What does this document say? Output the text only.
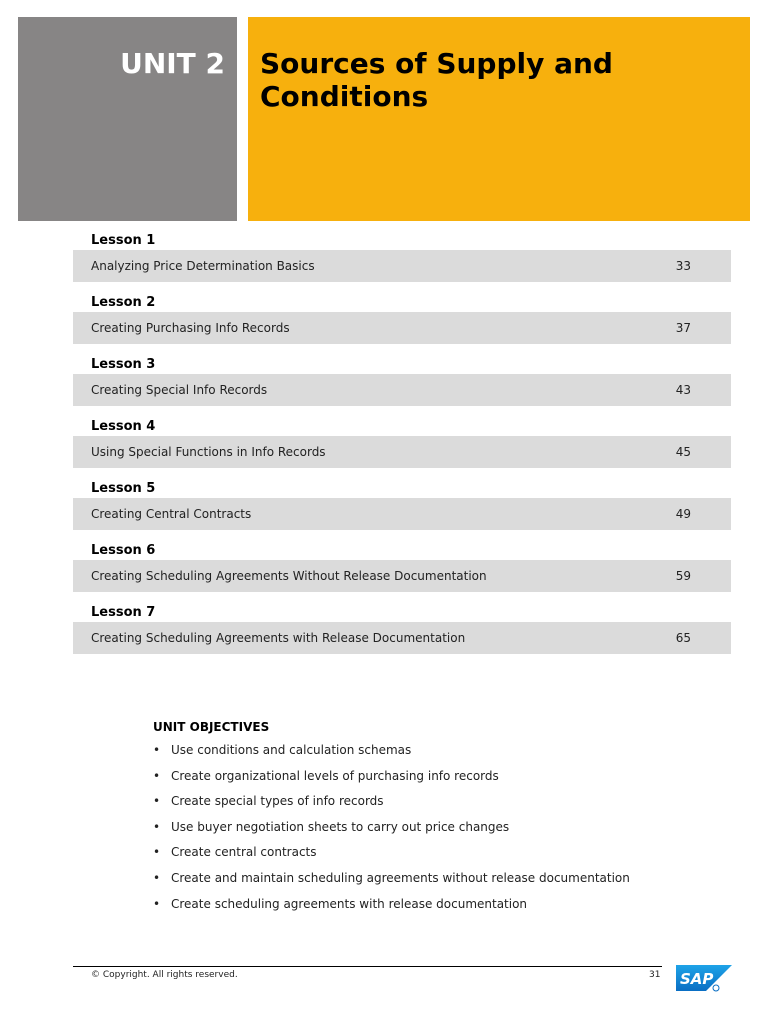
UNIT 2 Sources of Supply and Conditions
Lesson 1
Analyzing Price Determination Basics	33
Lesson 2
Creating Purchasing Info Records	37
Lesson 3
Creating Special Info Records	43
Lesson 4
Using Special Functions in Info Records	45
Lesson 5
Creating Central Contracts	49
Lesson 6
Creating Scheduling Agreements Without Release Documentation	59
Lesson 7
Creating Scheduling Agreements with Release Documentation	65
UNIT OBJECTIVES
• Use conditions and calculation schemas
• Create organizational levels of purchasing info records
• Create special types of info records
• Use buyer negotiation sheets to carry out price changes
• Create central contracts
• Create and maintain scheduling agreements without release documentation
• Create scheduling agreements with release documentation
© Copyright. All rights reserved.	31 SAP
